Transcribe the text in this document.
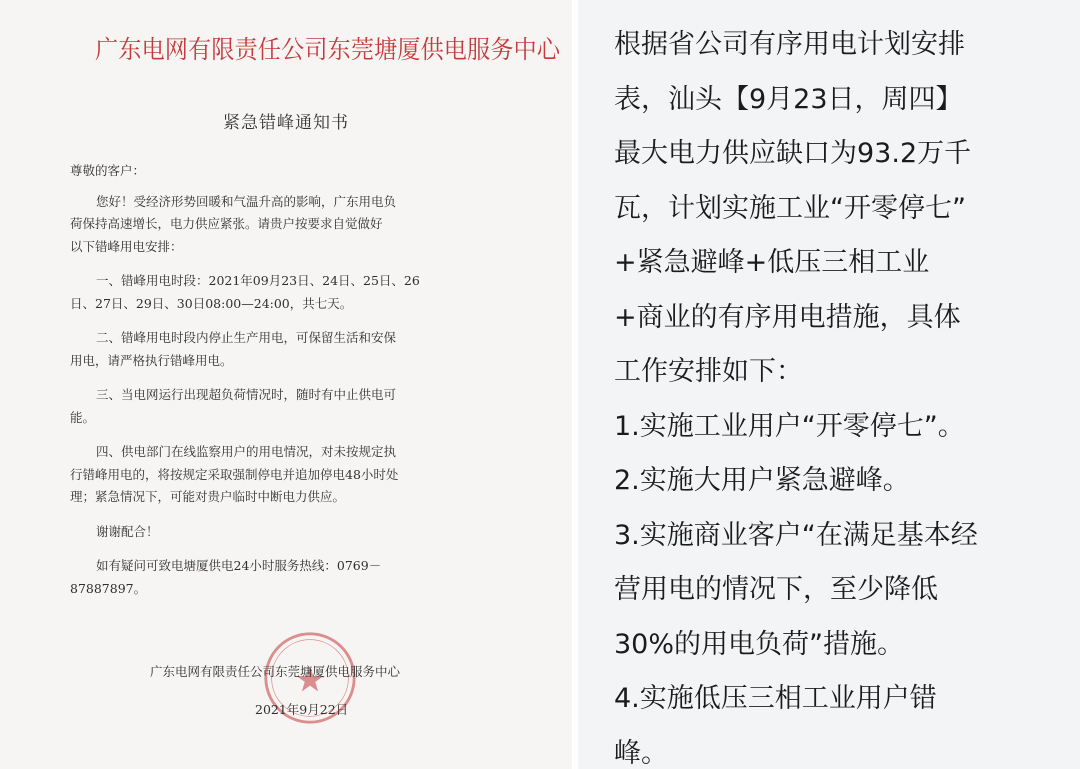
广东电网有限责任公司东莞塘厦供电服务中心
紧急错峰通知书

尊敬的客户：

您好！受经济形势回暖和气温升高的影响，广东用电负

荷保持高速增长，电力供应紧张。请贵户按要求自觉做好

以下错峰用电安排：

一、错峰用电时段：2021年09月23日、24日、25日、26

日、27日、29日、30日08:00—24:00，共七天。

二、错峰用电时段内停止生产用电，可保留生活和安保

用电，请严格执行错峰用电。

三、当电网运行出现超负荷情况时，随时有中止供电可

能。

四、供电部门在线监察用户的用电情况，对未按规定执

行错峰用电的，将按规定采取强制停电并追加停电48小时处

理；紧急情况下，可能对贵户临时中断电力供应。

谢谢配合！

如有疑问可致电塘厦供电24小时服务热线：0769－

87887897。

广东电网有限责任公司东莞塘厦供电服务中心
2021年9月22日

根据省公司有序用电计划安排

表，汕头【9月23日，周四】

最大电力供应缺口为93.2万千

瓦，计划实施工业“开零停七”

+紧急避峰+低压三相工业

+商业的有序用电措施，具体

工作安排如下：

1.实施工业用户“开零停七”。

2.实施大用户紧急避峰。

3.实施商业客户“在满足基本经

营用电的情况下，至少降低

30%的用电负荷”措施。

4.实施低压三相工业用户错

峰。
